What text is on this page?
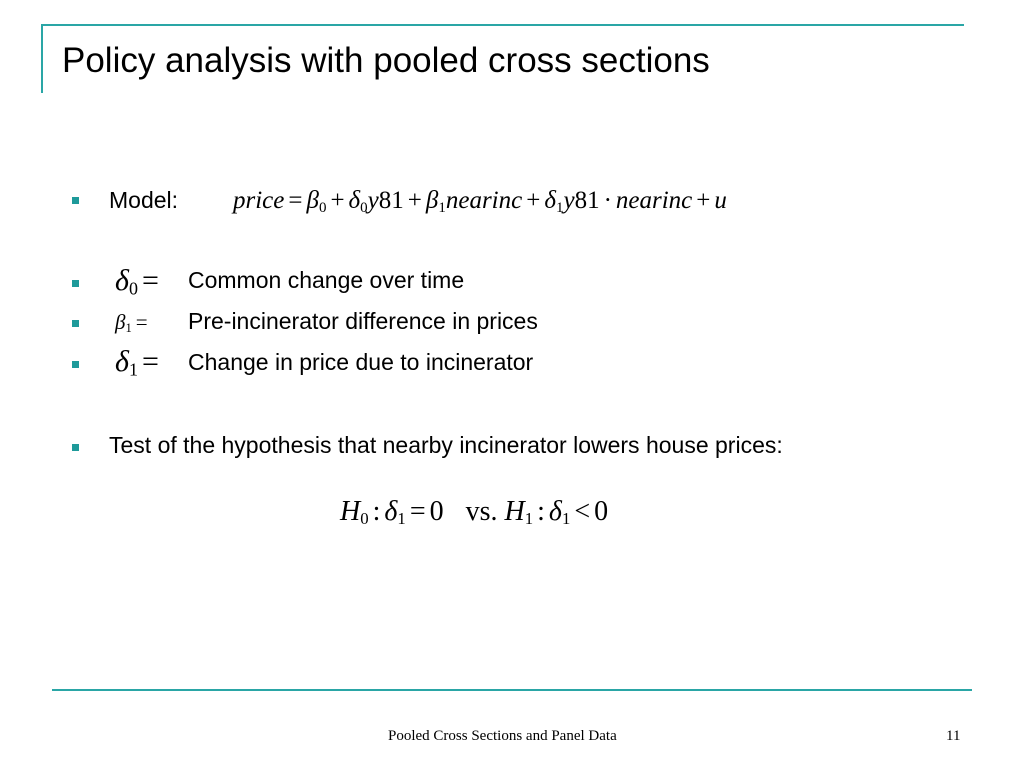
Policy analysis with pooled cross sections
Model: price = $\beta_0 + \delta_0y81$ + $\beta_1nearinc + \delta_1y81$ · nearinc + u
$\delta_0$ = Common change over time
$\beta_1$ = Pre-incinerator difference in prices
$\delta_1$ = Change in price due to incinerator
Test of the hypothesis that nearby incinerator lowers house prices:
$H_0$ : $\delta_1 = 0$ vs. $H_1$ : $\delta_1 < 0$
Pooled Cross Sections and Panel Data	11
